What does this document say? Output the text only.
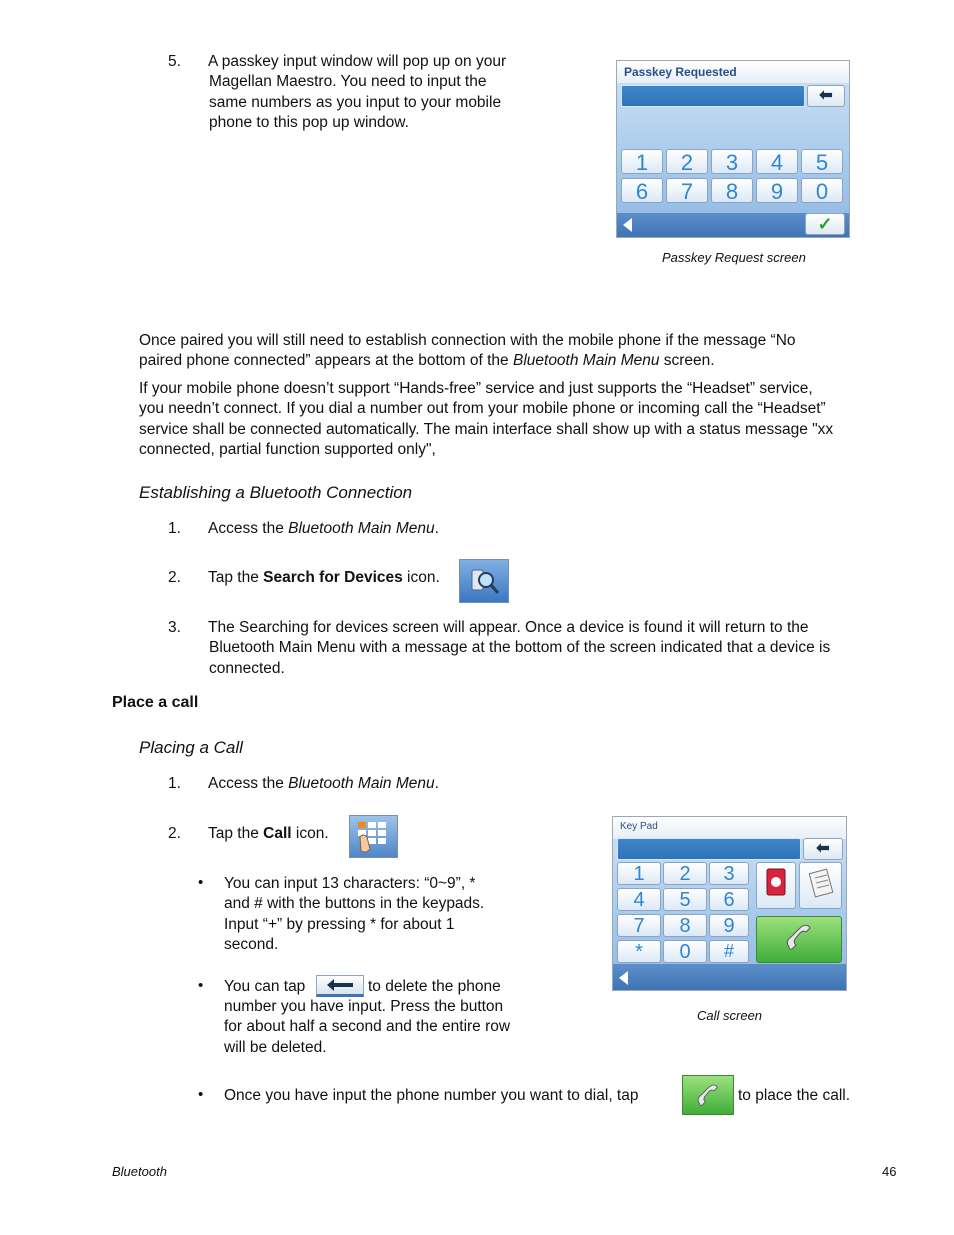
5. A passkey input window will pop up on your
Magellan Maestro. You need to input the
same numbers as you input to your mobile
phone to this pop up window.
Passkey Requested
⬅
1	2	3	4	5
6	7	8	9	0
✓
Passkey Request screen
Once paired you will still need to establish connection with the mobile phone if the message “No
paired phone connected” appears at the bottom of the Bluetooth Main Menu screen.
If your mobile phone doesn’t support “Hands-free” service and just supports the “Headset” service,
you needn’t connect. If you dial a number out from your mobile phone or incoming call the “Headset”
service shall be connected automatically. The main interface shall show up with a status message "xx
connected, partial function supported only",
Establishing a Bluetooth Connection
1. Access the Bluetooth Main Menu.
2. Tap the Search for Devices icon.
3. The Searching for devices screen will appear. Once a device is found it will return to the
Bluetooth Main Menu with a message at the bottom of the screen indicated that a device is
connected.
Place a call
Placing a Call
1. Access the Bluetooth Main Menu.
2. Tap the Call icon.
• You can input 13 characters: “0~9”, *
and # with the buttons in the keypads.
Input “+” by pressing * for about 1
second.
• You can tap	to delete the phone
number you have input. Press the button
for about half a second and the entire row
will be deleted.
Key Pad
⬅
1	2	3
4	5	6
7	8	9
*	0	#
Call screen
• Once you have input the phone number you want to dial, tap	to place the call.
Bluetooth	46
